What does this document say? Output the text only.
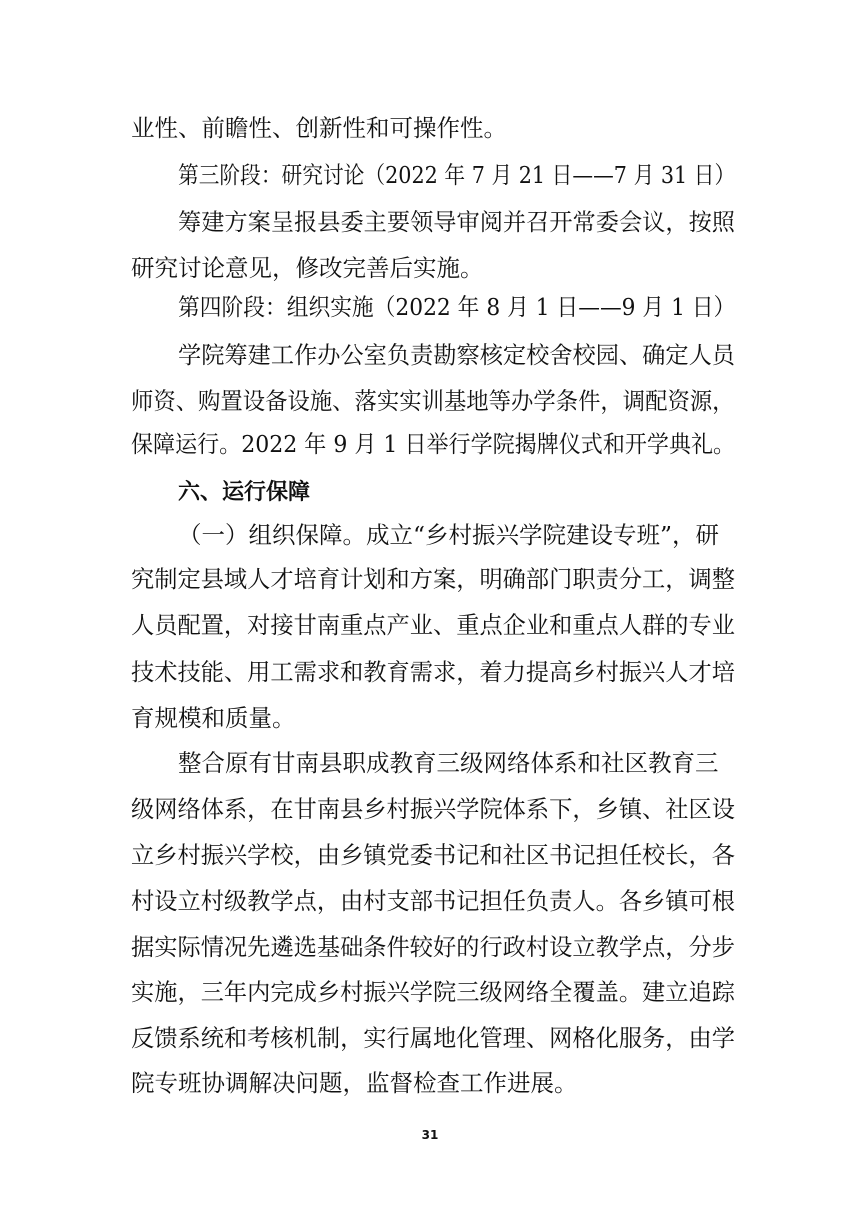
业性、前瞻性、创新性和可操作性。
第三阶段：研究讨论（2022 年 7 月 21 日——7 月 31 日）
筹建方案呈报县委主要领导审阅并召开常委会议，按照
研究讨论意见，修改完善后实施。
第四阶段：组织实施（2022 年 8 月 1 日——9 月 1 日）
学院筹建工作办公室负责勘察核定校舍校园、确定人员
师资、购置设备设施、落实实训基地等办学条件，调配资源，
保障运行。2022 年 9 月 1 日举行学院揭牌仪式和开学典礼。
六、运行保障
（一）组织保障。成立“乡村振兴学院建设专班”，研
究制定县域人才培育计划和方案，明确部门职责分工，调整
人员配置，对接甘南重点产业、重点企业和重点人群的专业
技术技能、用工需求和教育需求，着力提高乡村振兴人才培
育规模和质量。
整合原有甘南县职成教育三级网络体系和社区教育三
级网络体系，在甘南县乡村振兴学院体系下，乡镇、社区设
立乡村振兴学校，由乡镇党委书记和社区书记担任校长，各
村设立村级教学点，由村支部书记担任负责人。各乡镇可根
据实际情况先遴选基础条件较好的行政村设立教学点，分步
实施，三年内完成乡村振兴学院三级网络全覆盖。建立追踪
反馈系统和考核机制，实行属地化管理、网格化服务，由学
院专班协调解决问题，监督检查工作进展。
31
